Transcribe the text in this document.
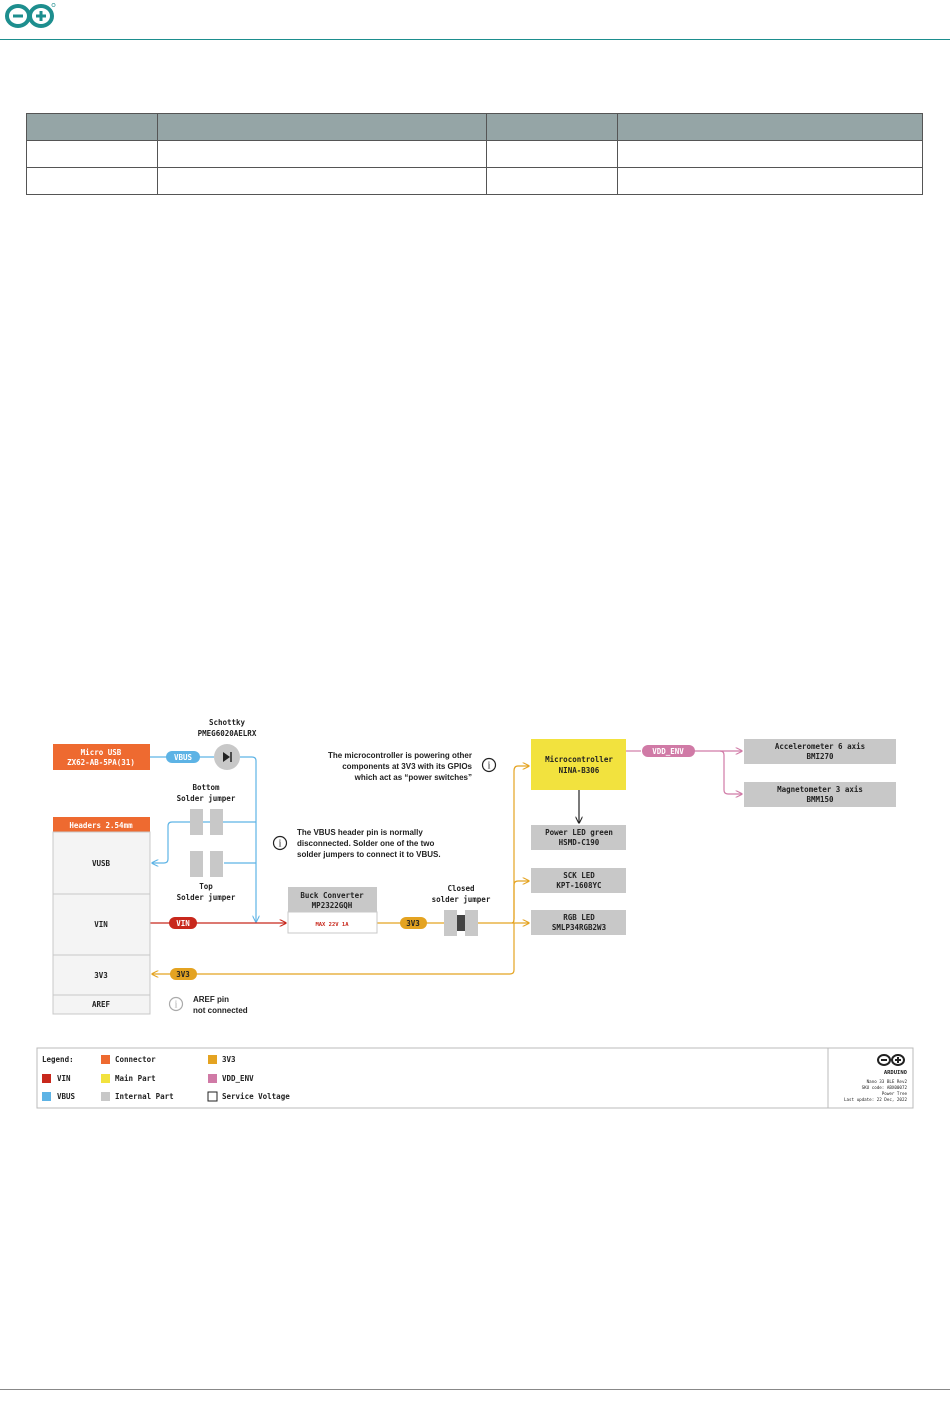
Micro USB
ZX62-AB-5PA(31)
VBUS
Schottky
PMEG6020AELRX
Bottom
Solder jumper
Top
Solder jumper
Headers 2.54mm
VUSB
VIN
3V3
AREF
VIN
Buck Converter
MP2322GQH
MAX 22V 1A	3V3
Closed
solder jumper
3V3
Microcontroller
NINA-B306
Power LED green
HSMD-C190
SCK LED
KPT-1608YC
RGB LED
SMLP34RGB2W3
VDD_ENV
Accelerometer 6 axis
BMI270
Magnetometer 3 axis
BMM150
The microcontroller is powering other
components at 3V3 with its GPIOs
which act as “power switches”
i
i
The VBUS header pin is normally
disconnected. Solder one of the two
solder jumpers to connect it to VBUS.
i AREF pin
not connected
Legend:	Connector	3V3
VIN	Main Part	VDD_ENV
VBUS	Internal Part	Service Voltage
ARDUINO
Nano 33 BLE Rev2
SKU code: ABX00072
Power Tree
Last update: 22 Dec, 2022
